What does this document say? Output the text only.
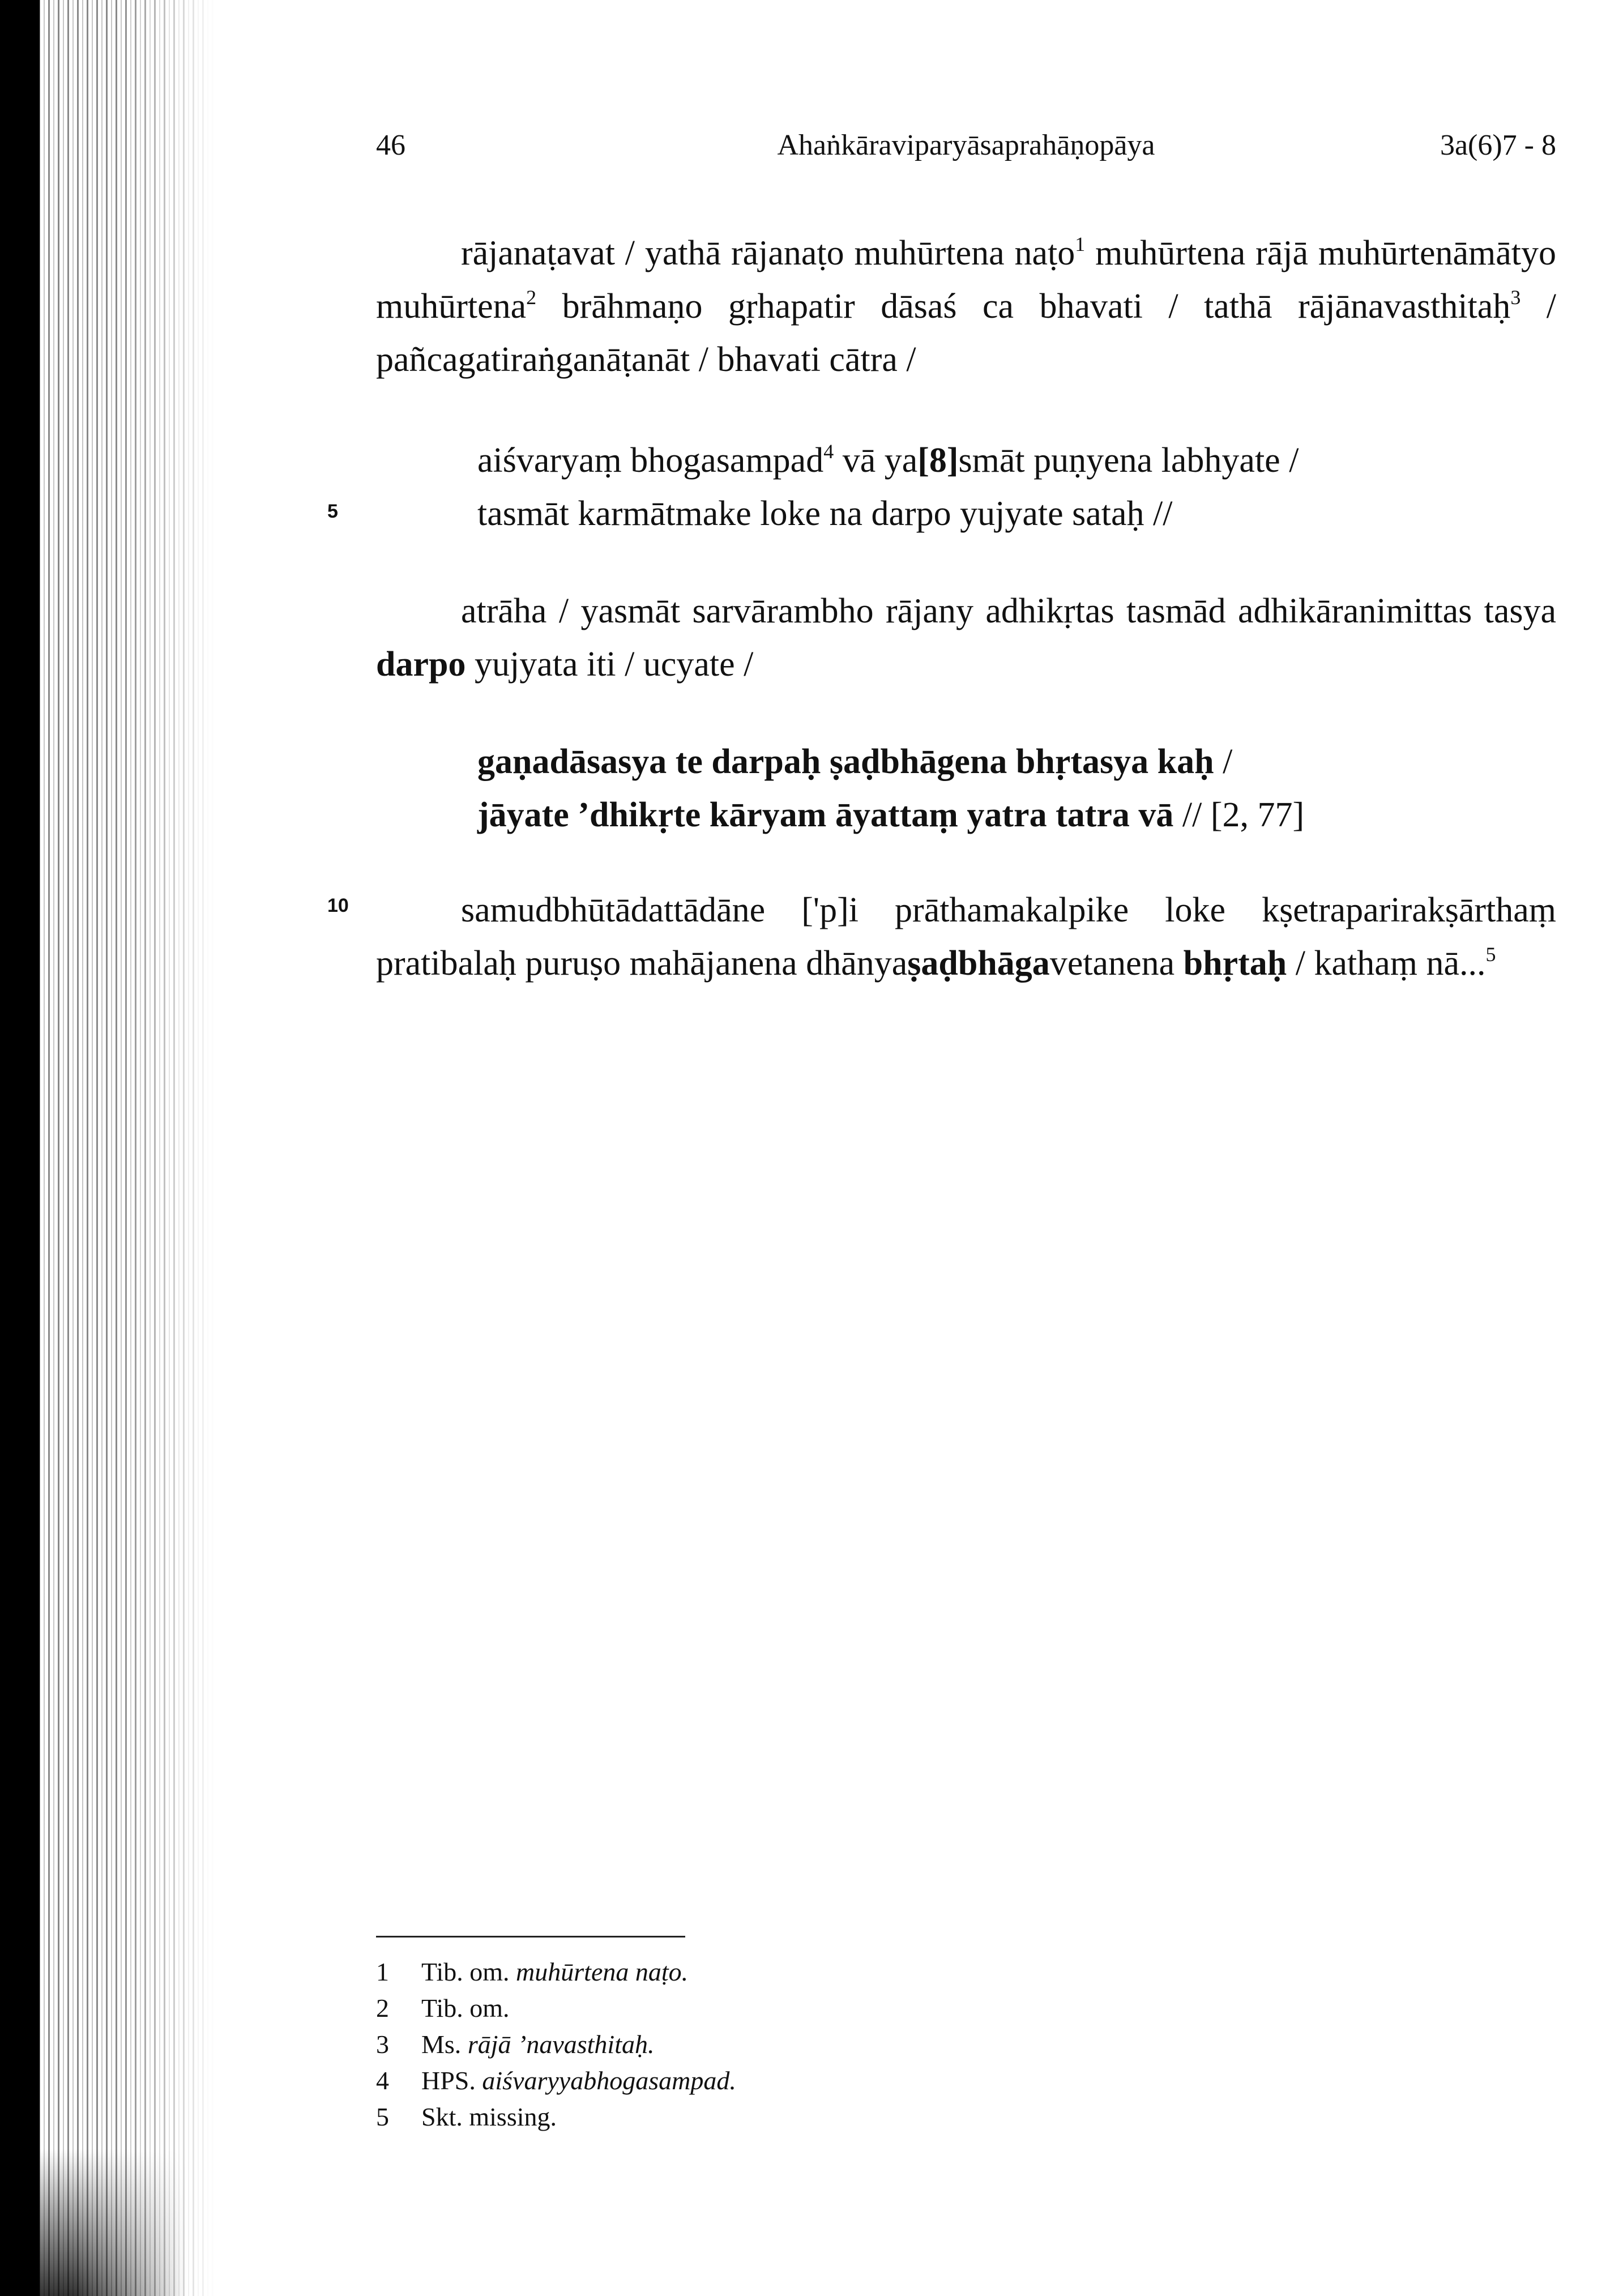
46	Ahaṅkāraviparyāsaprahāṇopāya	3a(6)7 - 8
rājanaṭavat / yathā rājanaṭo muhūrtena naṭo$^1$ muhūrtena rājā muhūrtenāmātyo muhūrtena$^2$ brāhmaṇo gṛhapatir dāsaś ca bhavati / tathā rājānavasthitaḥ$^3$ / pañcagatiraṅganāṭanāt / bhavati cātra /
aiśvaryaṃ bhogasampad$^4$ vā ya[8]smāt puṇyena labhyate /
tasmāt karmātmake loke na darpo yujyate sataḥ //
5
atrāha / yasmāt sarvārambho rājany adhikṛtas tasmād adhikāranimittas tasya darpo yujyata iti / ucyate /
gaṇadāsasya te darpaḥ ṣaḍbhāgena bhṛtasya kaḥ /
jāyate ’dhikṛte kāryam āyattaṃ yatra tatra vā // [2, 77]
10	samudbhūtādattādāne ['p]i prāthamakalpike loke kṣetraparirakṣārthaṃ pratibalaḥ puruṣo mahājanena dhānyaṣaḍbhāgavetanena bhṛtaḥ / kathaṃ nā...$^5$
1 Tib. om. muhūrtena naṭo.
2 Tib. om.
3 Ms. rājā ’navasthitaḥ.
4 HPS. aiśvaryyabhogasampad.
5 Skt. missing.
